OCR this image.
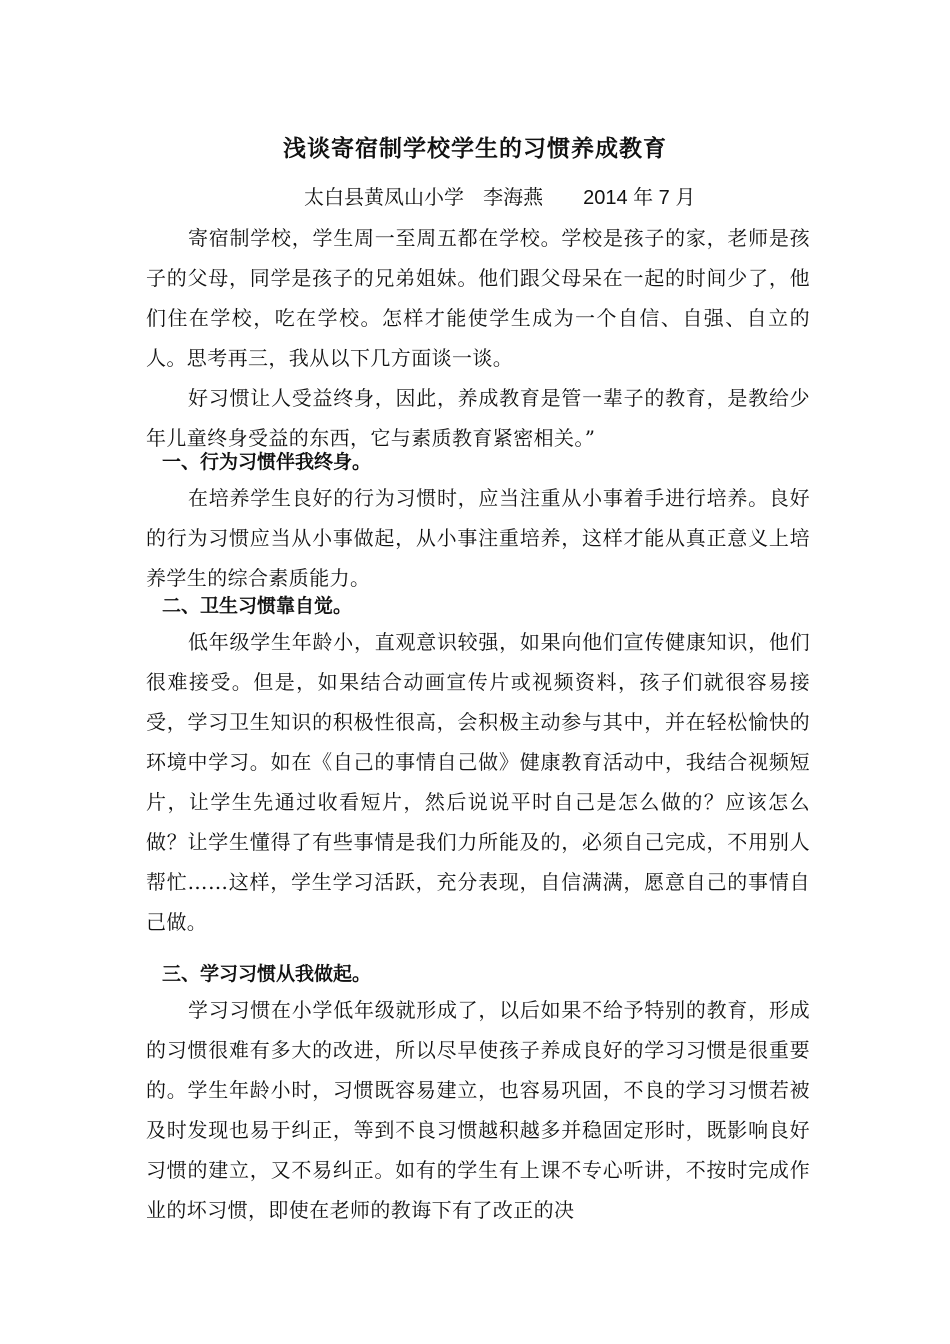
浅谈寄宿制学校学生的习惯养成教育

太白县黄凤山小学   李海燕 2014 年 7 月

寄宿制学校，学生周一至周五都在学校。学校是孩子的家，老师是孩子的父母，同学是孩子的兄弟姐妹。他们跟父母呆在一起的时间少了，他们住在学校，吃在学校。怎样才能使学生成为一个自信、自强、自立的人。思考再三，我从以下几方面谈一谈。

好习惯让人受益终身，因此，养成教育是管一辈子的教育，是教给少年儿童终身受益的东西，它与素质教育紧密相关。”

一、行为习惯伴我终身。

在培养学生良好的行为习惯时，应当注重从小事着手进行培养。良好的行为习惯应当从小事做起，从小事注重培养，这样才能从真正意义上培养学生的综合素质能力。

二、卫生习惯靠自觉。

低年级学生年龄小，直观意识较强，如果向他们宣传健康知识，他们很难接受。但是，如果结合动画宣传片或视频资料，孩子们就很容易接受，学习卫生知识的积极性很高，会积极主动参与其中，并在轻松愉快的环境中学习。如在《自己的事情自己做》健康教育活动中，我结合视频短片，让学生先通过收看短片，然后说说平时自己是怎么做的？应该怎么做？让学生懂得了有些事情是我们力所能及的，必须自己完成，不用别人帮忙……这样，学生学习活跃，充分表现，自信满满，愿意自己的事情自己做。

三、学习习惯从我做起。

学习习惯在小学低年级就形成了，以后如果不给予特别的教育，形成的习惯很难有多大的改进，所以尽早使孩子养成良好的学习习惯是很重要的。学生年龄小时，习惯既容易建立，也容易巩固，不良的学习习惯若被及时发现也易于纠正，等到不良习惯越积越多并稳固定形时，既影响良好习惯的建立，又不易纠正。如有的学生有上课不专心听讲，不按时完成作业的坏习惯，即使在老师的教诲下有了改正的决
